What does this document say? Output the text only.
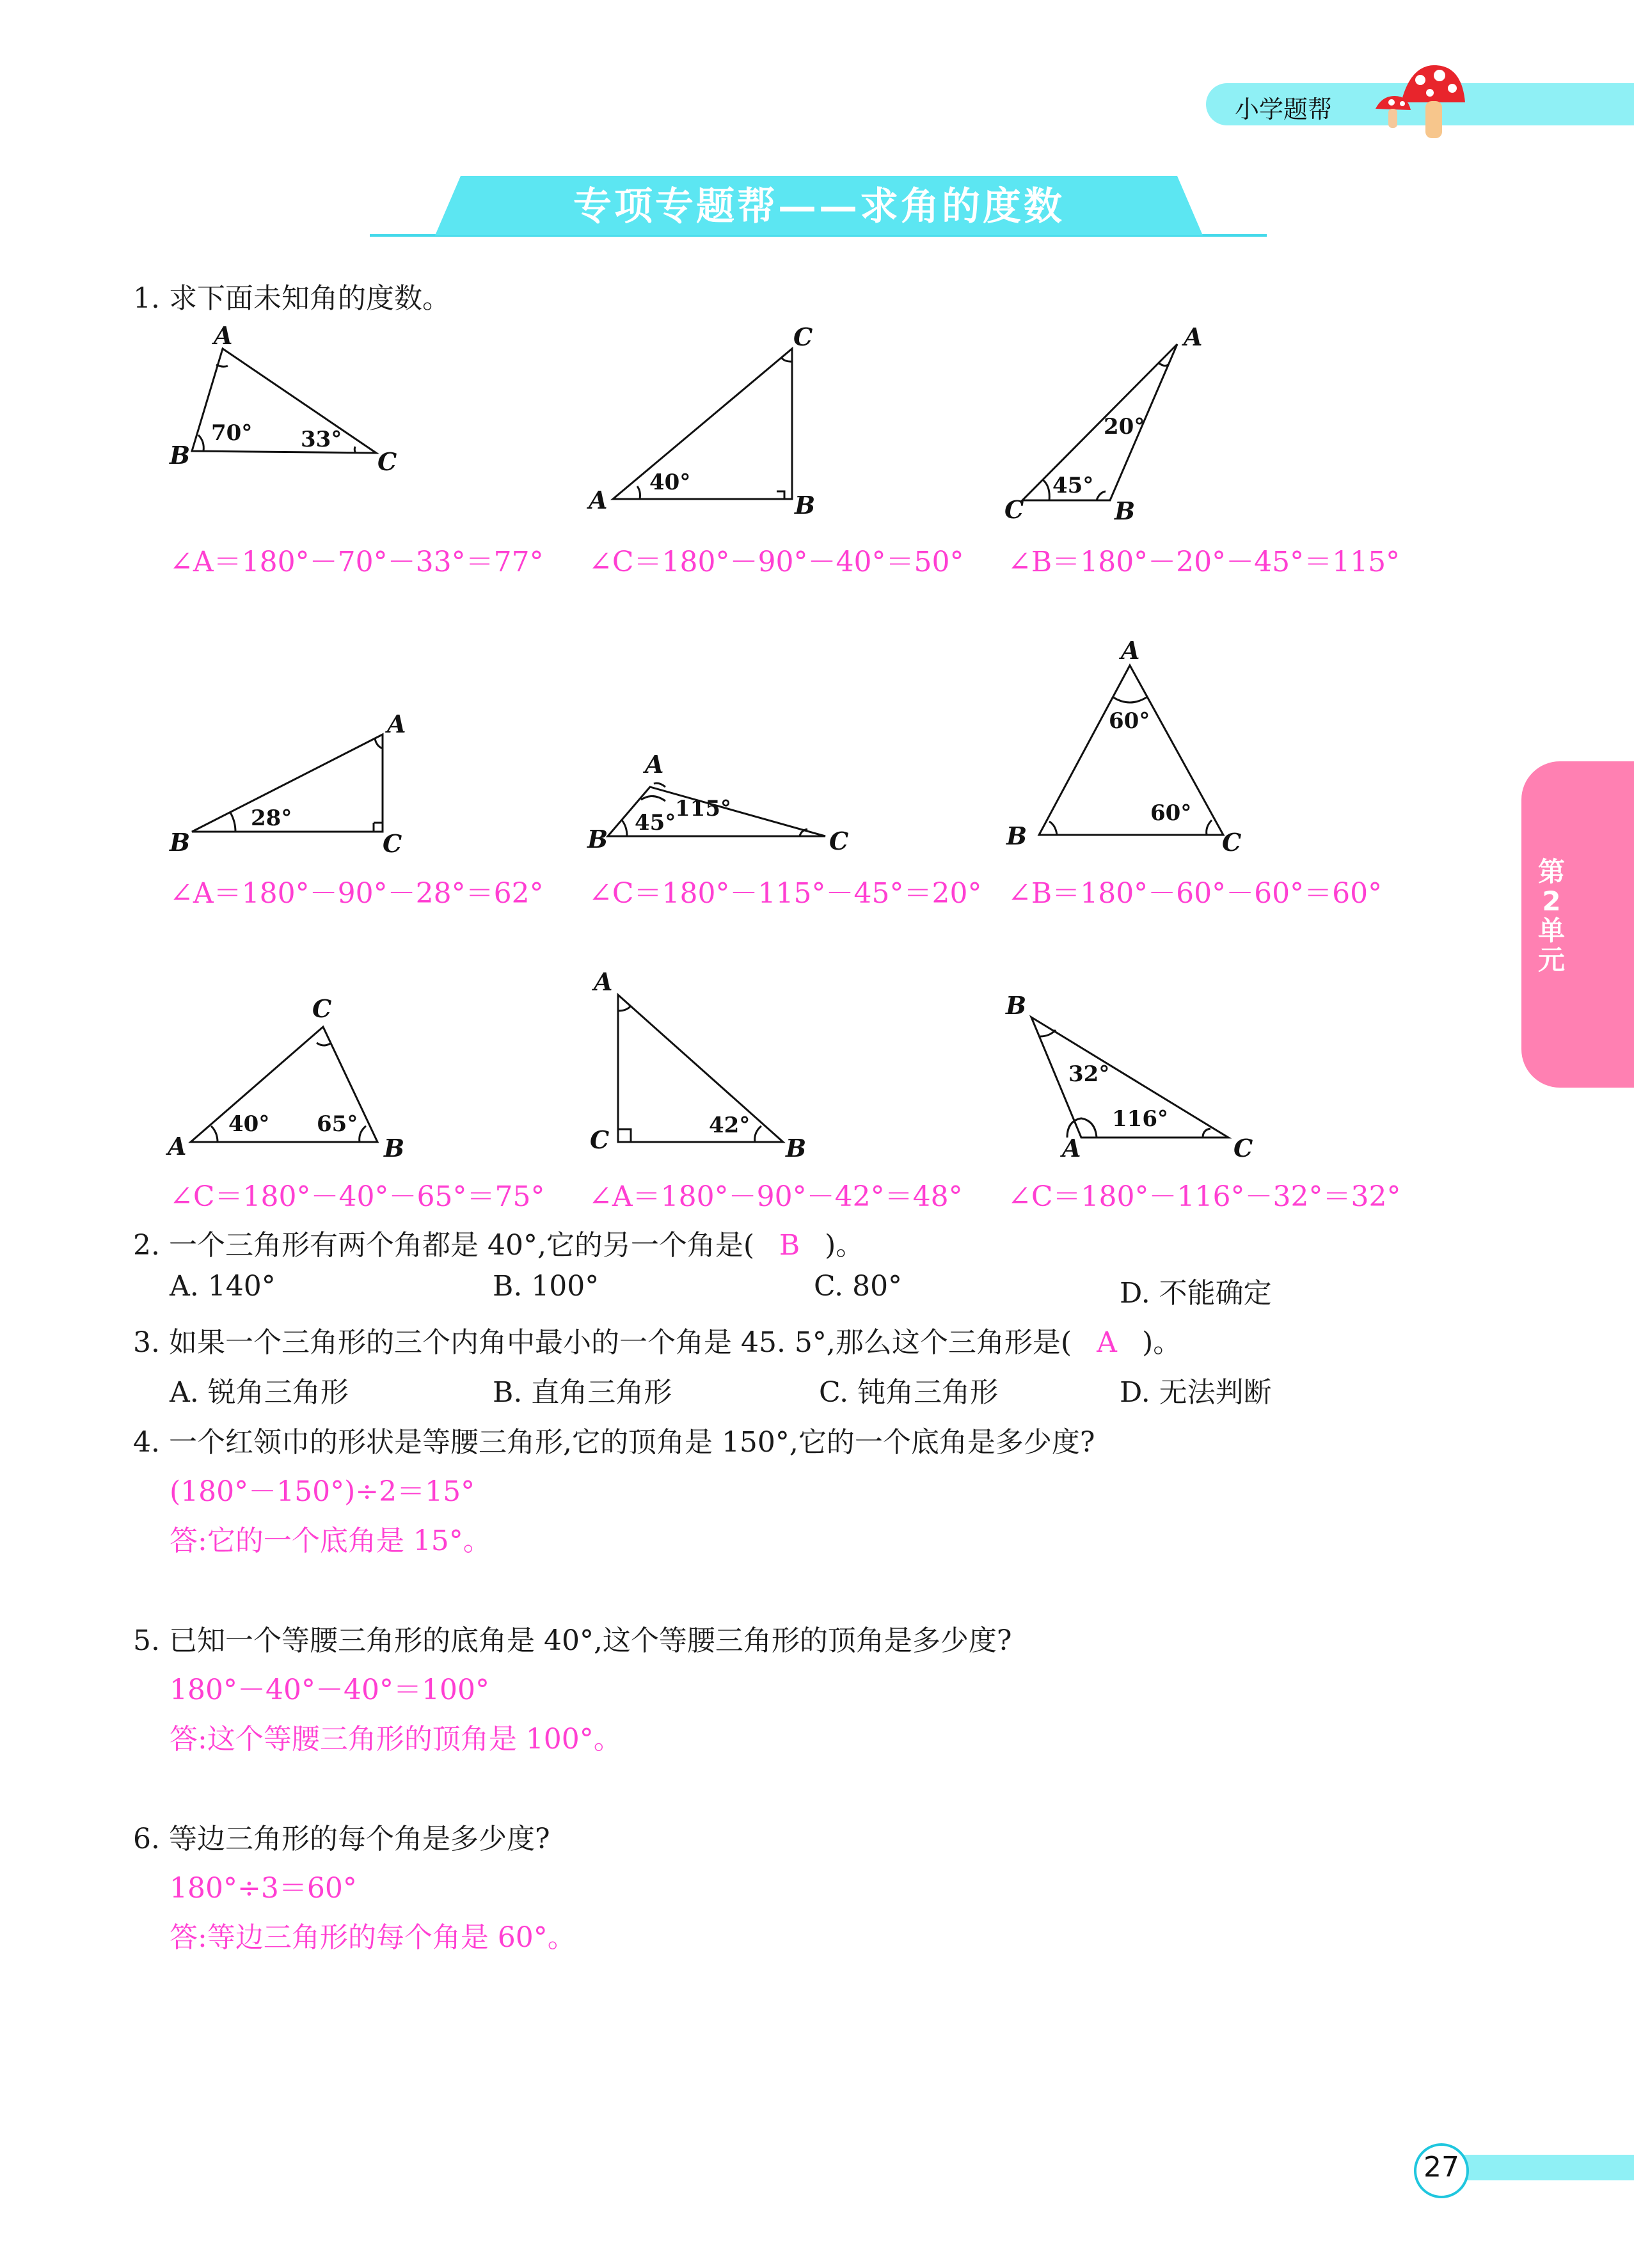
小学题帮
专项专题帮——求角的度数
1. 求下面未知角的度数。
A
B	C
70° 33°
C
A	B
40°
A
C	B
20°
45°
A
B	C
28°
A
B	C
45°
115°
A
B	C
60°
60°
C
A	B
40° 65°
A
C	B
42°
B
A	C
32°
116°
∠A＝180°－70°－33°＝77° ∠C＝180°－90°－40°＝50° ∠B＝180°－20°－45°＝115°
∠A＝180°－90°－28°＝62° ∠C＝180°－115°－45°＝20° ∠B＝180°－60°－60°＝60°
∠C＝180°－40°－65°＝75° ∠A＝180°－90°－42°＝48° ∠C＝180°－116°－32°＝32°
2. 一个三角形有两个角都是 40°,它的另一个角是( B )。
A. 140°	B. 100°	C. 80°	D. 不能确定
3. 如果一个三角形的三个内角中最小的一个角是 45. 5°,那么这个三角形是( A )。
A. 锐角三角形	B. 直角三角形	C. 钝角三角形	D. 无法判断
4. 一个红领巾的形状是等腰三角形,它的顶角是 150°,它的一个底角是多少度?
(180°－150°)÷2＝15°
答:它的一个底角是 15°。
5. 已知一个等腰三角形的底角是 40°,这个等腰三角形的顶角是多少度?
180°－40°－40°＝100°
答:这个等腰三角形的顶角是 100°。
6. 等边三角形的每个角是多少度?
180°÷3＝60°
答:等边三角形的每个角是 60°。
第
2
单
元
27
